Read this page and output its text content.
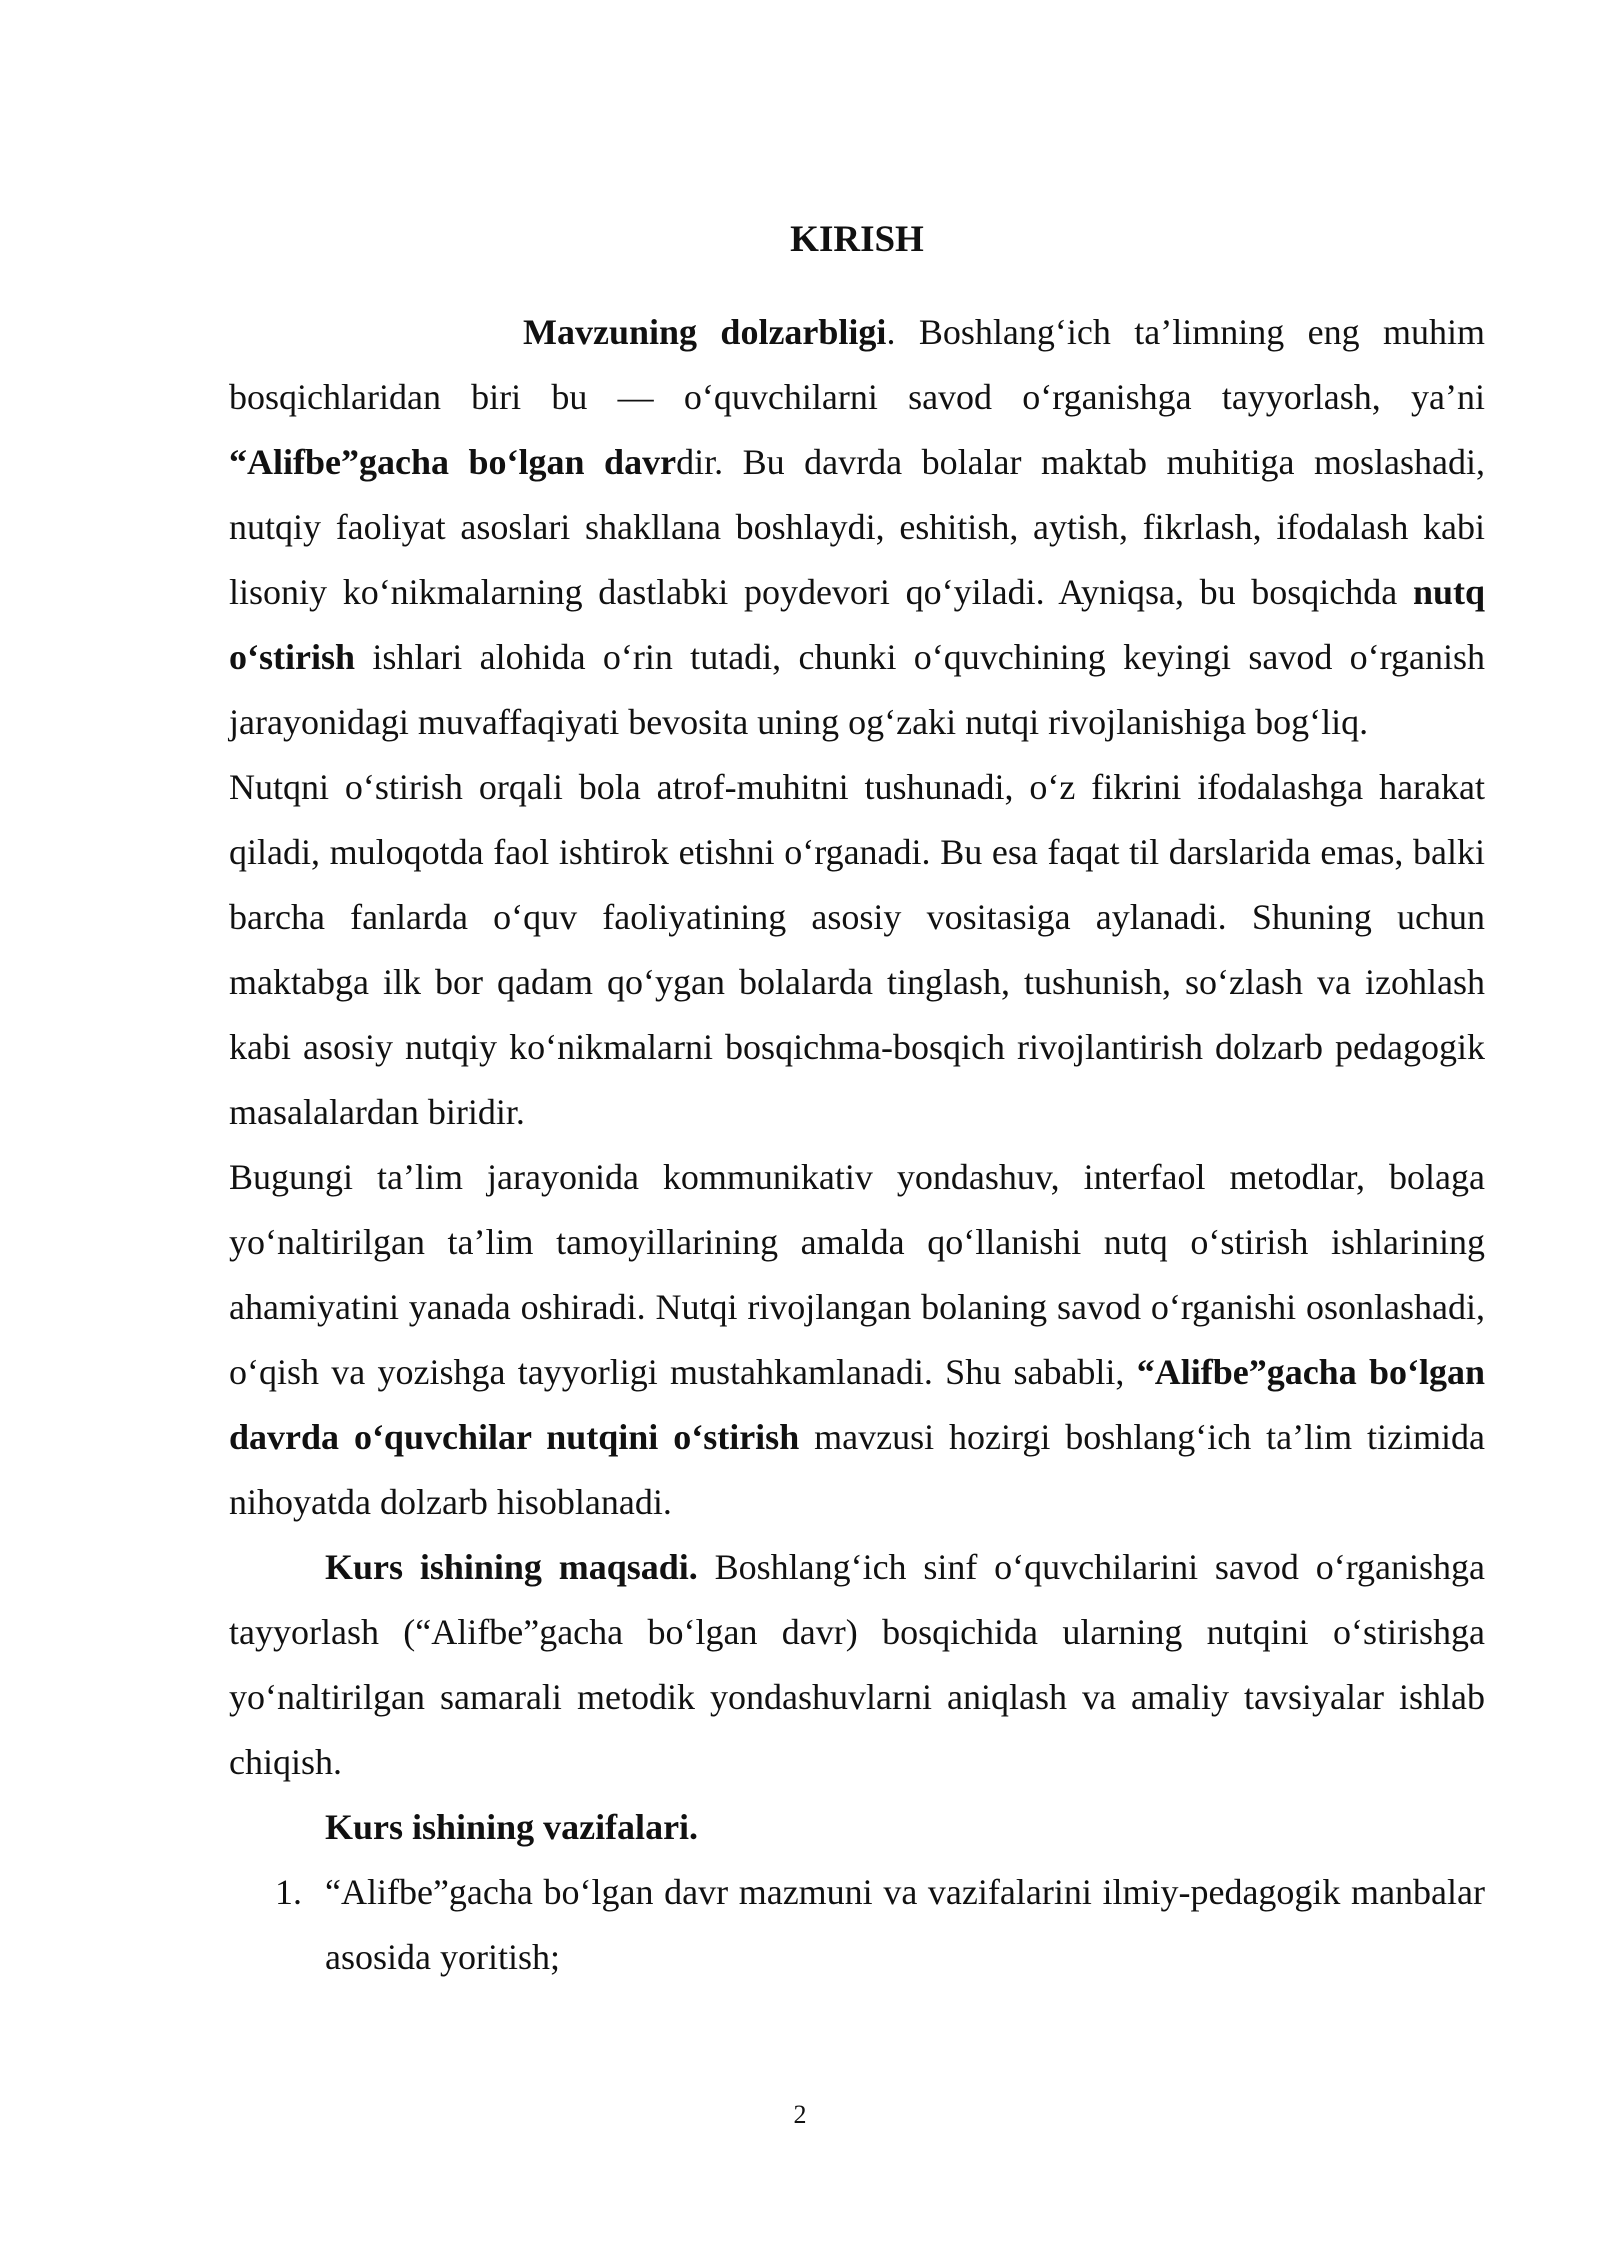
KIRISH

Mavzuning dolzarbligi. Boshlang‘ich ta’limning eng muhim bosqichlaridan biri bu — o‘quvchilarni savod o‘rganishga tayyorlash, ya’ni “Alifbe”gacha bo‘lgan davrdir. Bu davrda bolalar maktab muhitiga moslashadi, nutqiy faoliyat asoslari shakllana boshlaydi, eshitish, aytish, fikrlash, ifodalash kabi lisoniy ko‘nikmalarning dastlabki poydevori qo‘yiladi. Ayniqsa, bu bosqichda nutq o‘stirish ishlari alohida o‘rin tutadi, chunki o‘quvchining keyingi savod o‘rganish jarayonidagi muvaffaqiyati bevosita uning og‘zaki nutqi rivojlanishiga bog‘liq.

Nutqni o‘stirish orqali bola atrof-muhitni tushunadi, o‘z fikrini ifodalashga harakat qiladi, muloqotda faol ishtirok etishni o‘rganadi. Bu esa faqat til darslarida emas, balki barcha fanlarda o‘quv faoliyatining asosiy vositasiga aylanadi. Shuning uchun maktabga ilk bor qadam qo‘ygan bolalarda tinglash, tushunish, so‘zlash va izohlash kabi asosiy nutqiy ko‘nikmalarni bosqichma-bosqich rivojlantirish dolzarb pedagogik masalalardan biridir.

Bugungi ta’lim jarayonida kommunikativ yondashuv, interfaol metodlar, bolaga yo‘naltirilgan ta’lim tamoyillarining amalda qo‘llanishi nutq o‘stirish ishlarining ahamiyatini yanada oshiradi. Nutqi rivojlangan bolaning savod o‘rganishi osonlashadi, o‘qish va yozishga tayyorligi mustahkamlanadi. Shu sababli, “Alifbe”gacha bo‘lgan davrda o‘quvchilar nutqini o‘stirish mavzusi hozirgi boshlang‘ich ta’lim tizimida nihoyatda dolzarb hisoblanadi.

Kurs ishining maqsadi. Boshlang‘ich sinf o‘quvchilarini savod o‘rganishga tayyorlash (“Alifbe”gacha bo‘lgan davr) bosqichida ularning nutqini o‘stirishga yo‘naltirilgan samarali metodik yondashuvlarni aniqlash va amaliy tavsiyalar ishlab chiqish.

Kurs ishining vazifalari.
1. “Alifbe”gacha bo‘lgan davr mazmuni va vazifalarini ilmiy-pedagogik manbalar asosida yoritish;
2
